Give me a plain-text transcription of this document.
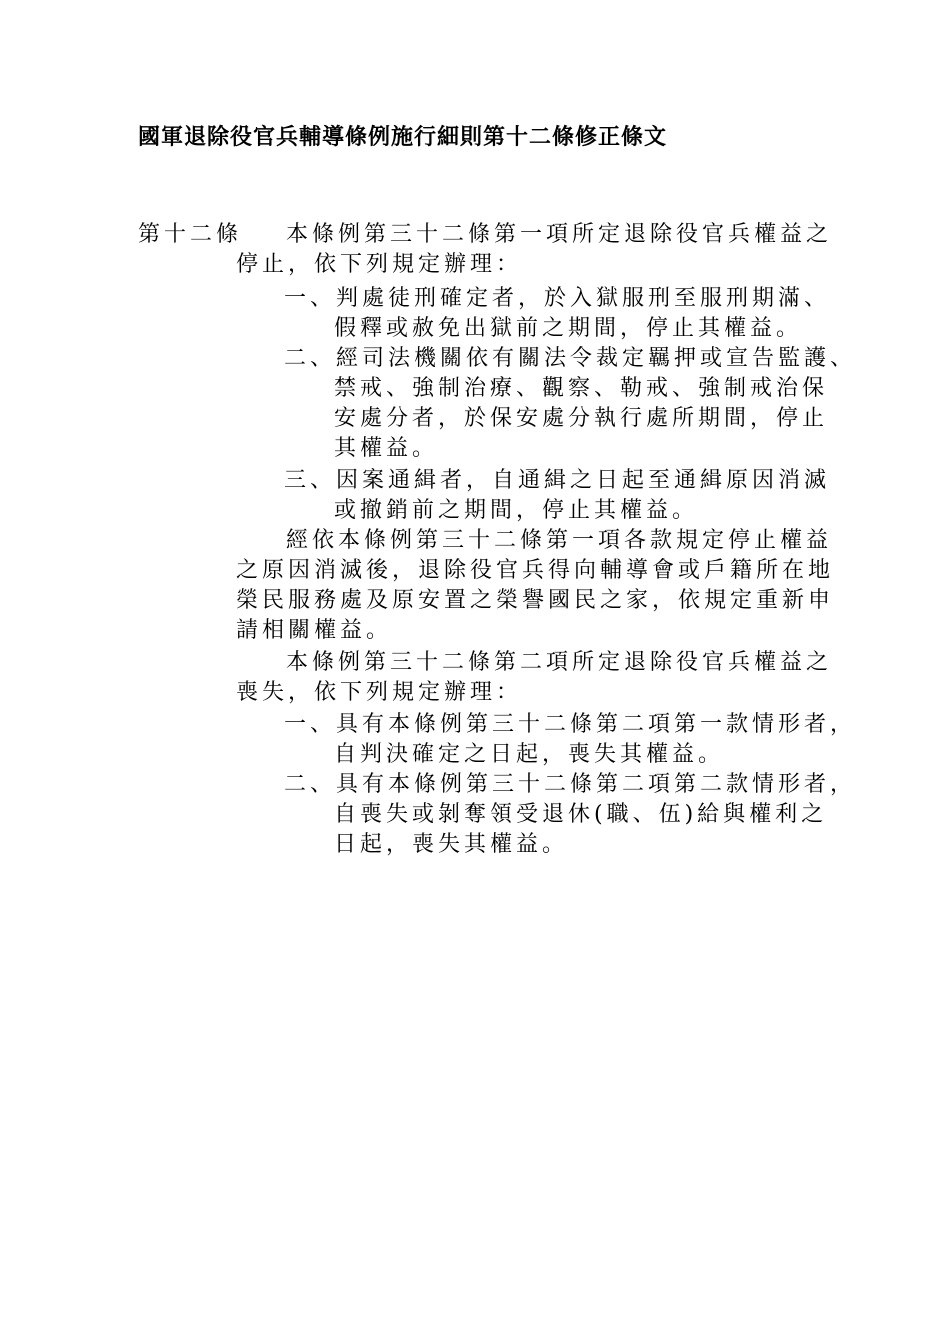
國軍退除役官兵輔導條例施行細則第十二條修正條文
第十二條 本條例第三十二條第一項所定退除役官兵權益之
停止，依下列規定辦理：
一、判處徒刑確定者，於入獄服刑至服刑期滿、
假釋或赦免出獄前之期間，停止其權益。
二、經司法機關依有關法令裁定羈押或宣告監護、
禁戒、強制治療、觀察、勒戒、強制戒治保
安處分者，於保安處分執行處所期間，停止
其權益。
三、因案通緝者，自通緝之日起至通緝原因消滅
或撤銷前之期間，停止其權益。
經依本條例第三十二條第一項各款規定停止權益
之原因消滅後，退除役官兵得向輔導會或戶籍所在地
榮民服務處及原安置之榮譽國民之家，依規定重新申
請相關權益。
本條例第三十二條第二項所定退除役官兵權益之
喪失，依下列規定辦理：
一、具有本條例第三十二條第二項第一款情形者，
自判決確定之日起，喪失其權益。
二、具有本條例第三十二條第二項第二款情形者，
自喪失或剝奪領受退休(職、伍)給與權利之
日起，喪失其權益。
